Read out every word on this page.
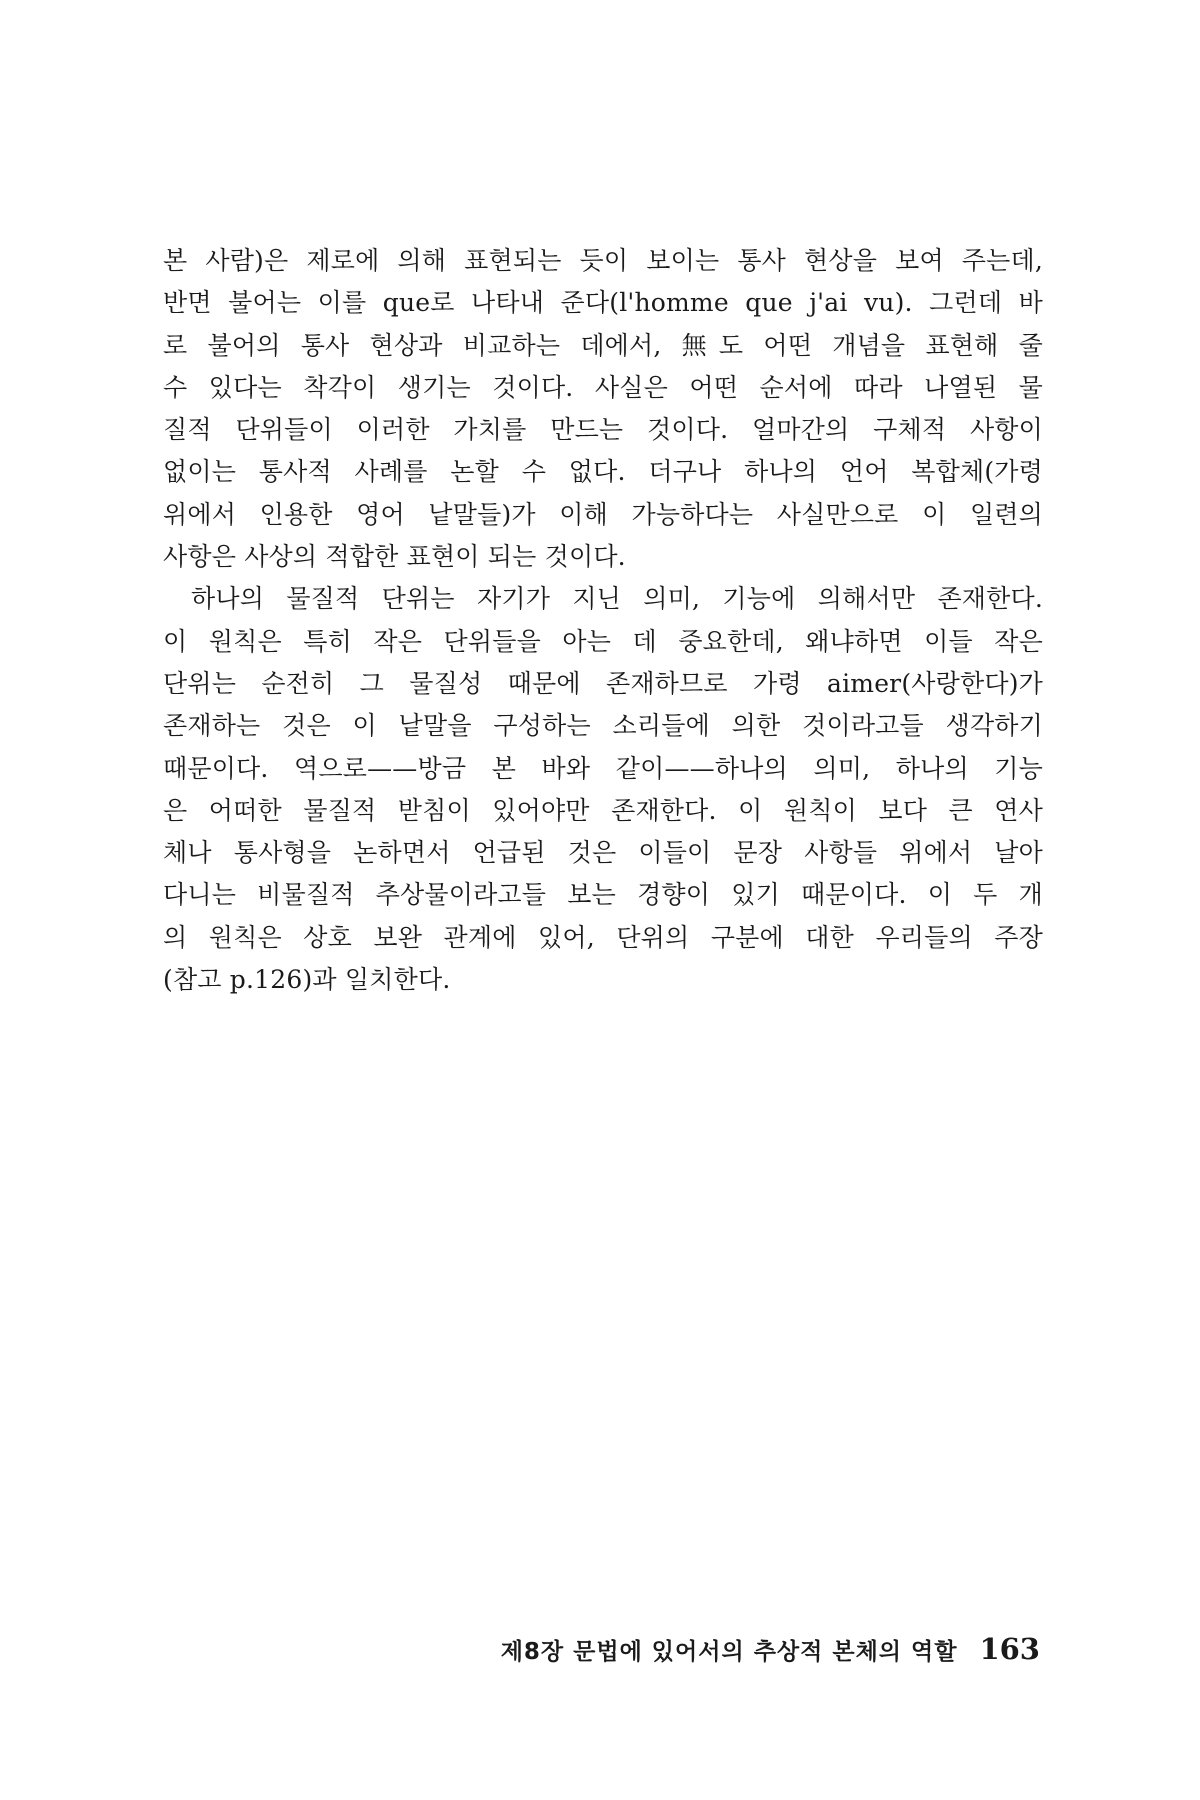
본 사람)은 제로에 의해 표현되는 듯이 보이는 통사 현상을 보여 주는데,
반면 불어는 이를 que로 나타내 준다(l'homme que j'ai vu). 그런데 바
로 불어의 통사 현상과 비교하는 데에서, 無도 어떤 개념을 표현해 줄
수 있다는 착각이 생기는 것이다. 사실은 어떤 순서에 따라 나열된 물
질적 단위들이 이러한 가치를 만드는 것이다. 얼마간의 구체적 사항이
없이는 통사적 사례를 논할 수 없다. 더구나 하나의 언어 복합체(가령
위에서 인용한 영어 낱말들)가 이해 가능하다는 사실만으로 이 일련의
사항은 사상의 적합한 표현이 되는 것이다.
하나의 물질적 단위는 자기가 지닌 의미, 기능에 의해서만 존재한다.
이 원칙은 특히 작은 단위들을 아는 데 중요한데, 왜냐하면 이들 작은
단위는 순전히 그 물질성 때문에 존재하므로 가령 aimer(사랑한다)가
존재하는 것은 이 낱말을 구성하는 소리들에 의한 것이라고들 생각하기
때문이다. 역으로——방금 본 바와 같이——하나의 의미, 하나의 기능
은 어떠한 물질적 받침이 있어야만 존재한다. 이 원칙이 보다 큰 연사
체나 통사형을 논하면서 언급된 것은 이들이 문장 사항들 위에서 날아
다니는 비물질적 추상물이라고들 보는 경향이 있기 때문이다. 이 두 개
의 원칙은 상호 보완 관계에 있어, 단위의 구분에 대한 우리들의 주장
(참고 p.126)과 일치한다.
제8장 문법에 있어서의 추상적 본체의 역할 163
